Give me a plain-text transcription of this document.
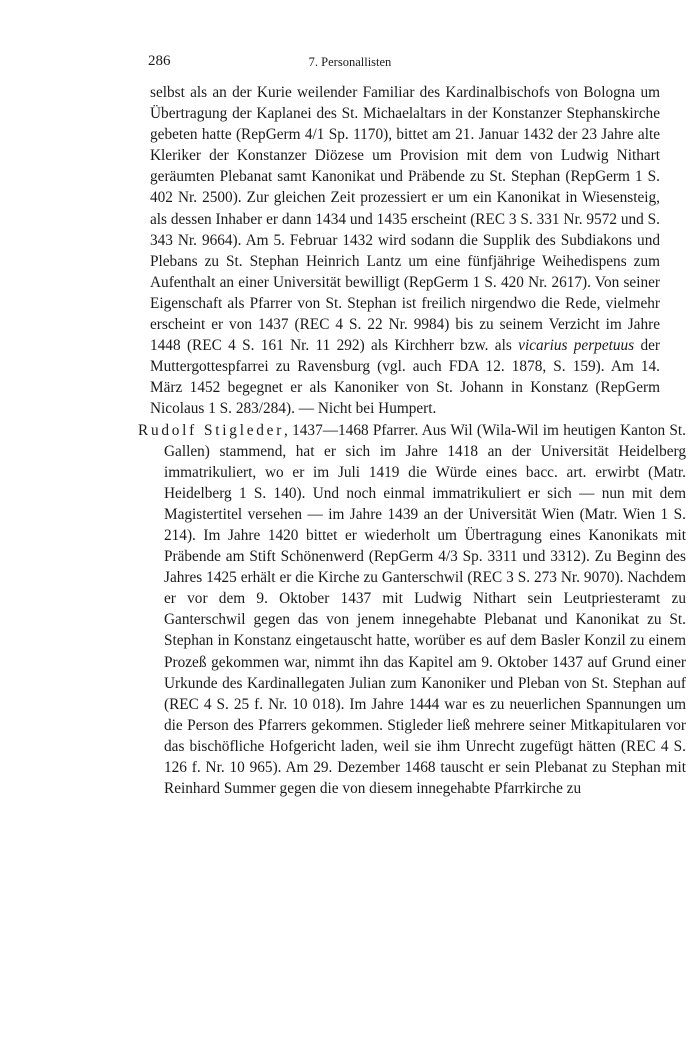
286	7. Personallisten

selbst als an der Kurie weilender Familiar des Kardinalbischofs von Bologna um Übertragung der Kaplanei des St. Michaelaltars in der Konstanzer Stephanskirche gebeten hatte (RepGerm 4/1 Sp. 1170), bittet am 21. Januar 1432 der 23 Jahre alte Kleriker der Konstanzer Diözese um Provision mit dem von Ludwig Nithart geräumten Plebanat samt Kanonikat und Präbende zu St. Stephan (RepGerm 1 S. 402 Nr. 2500). Zur gleichen Zeit prozessiert er um ein Kanonikat in Wiesensteig, als dessen Inhaber er dann 1434 und 1435 erscheint (REC 3 S. 331 Nr. 9572 und S. 343 Nr. 9664). Am 5. Februar 1432 wird sodann die Supplik des Subdiakons und Plebans zu St. Stephan Heinrich Lantz um eine fünfjährige Weihedispens zum Aufenthalt an einer Universität bewilligt (RepGerm 1 S. 420 Nr. 2617). Von seiner Eigenschaft als Pfarrer von St. Stephan ist freilich nirgendwo die Rede, vielmehr erscheint er von 1437 (REC 4 S. 22 Nr. 9984) bis zu seinem Verzicht im Jahre 1448 (REC 4 S. 161 Nr. 11 292) als Kirchherr bzw. als vicarius perpetuus der Muttergottespfarrei zu Ravensburg (vgl. auch FDA 12. 1878, S. 159). Am 14. März 1452 begegnet er als Kanoniker von St. Johann in Konstanz (RepGerm Nicolaus 1 S. 283/284). — Nicht bei Humpert.

Rudolf Stigleder, 1437—1468 Pfarrer. Aus Wil (Wila-Wil im heutigen Kanton St. Gallen) stammend, hat er sich im Jahre 1418 an der Universität Heidelberg immatrikuliert, wo er im Juli 1419 die Würde eines bacc. art. erwirbt (Matr. Heidelberg 1 S. 140). Und noch einmal immatrikuliert er sich — nun mit dem Magistertitel versehen — im Jahre 1439 an der Universität Wien (Matr. Wien 1 S. 214). Im Jahre 1420 bittet er wiederholt um Übertragung eines Kanonikats mit Präbende am Stift Schönenwerd (RepGerm 4/3 Sp. 3311 und 3312). Zu Beginn des Jahres 1425 erhält er die Kirche zu Ganterschwil (REC 3 S. 273 Nr. 9070). Nachdem er vor dem 9. Oktober 1437 mit Ludwig Nithart sein Leutpriesteramt zu Ganterschwil gegen das von jenem innegehabte Plebanat und Kanonikat zu St. Stephan in Konstanz eingetauscht hatte, worüber es auf dem Basler Konzil zu einem Prozeß gekommen war, nimmt ihn das Kapitel am 9. Oktober 1437 auf Grund einer Urkunde des Kardinallegaten Julian zum Kanoniker und Pleban von St. Stephan auf (REC 4 S. 25 f. Nr. 10 018). Im Jahre 1444 war es zu neuerlichen Spannungen um die Person des Pfarrers gekommen. Stigleder ließ mehrere seiner Mitkapitularen vor das bischöfliche Hofgericht laden, weil sie ihm Unrecht zugefügt hätten (REC 4 S. 126 f. Nr. 10 965). Am 29. Dezember 1468 tauscht er sein Plebanat zu Stephan mit Reinhard Summer gegen die von diesem innegehabte Pfarrkirche zu
